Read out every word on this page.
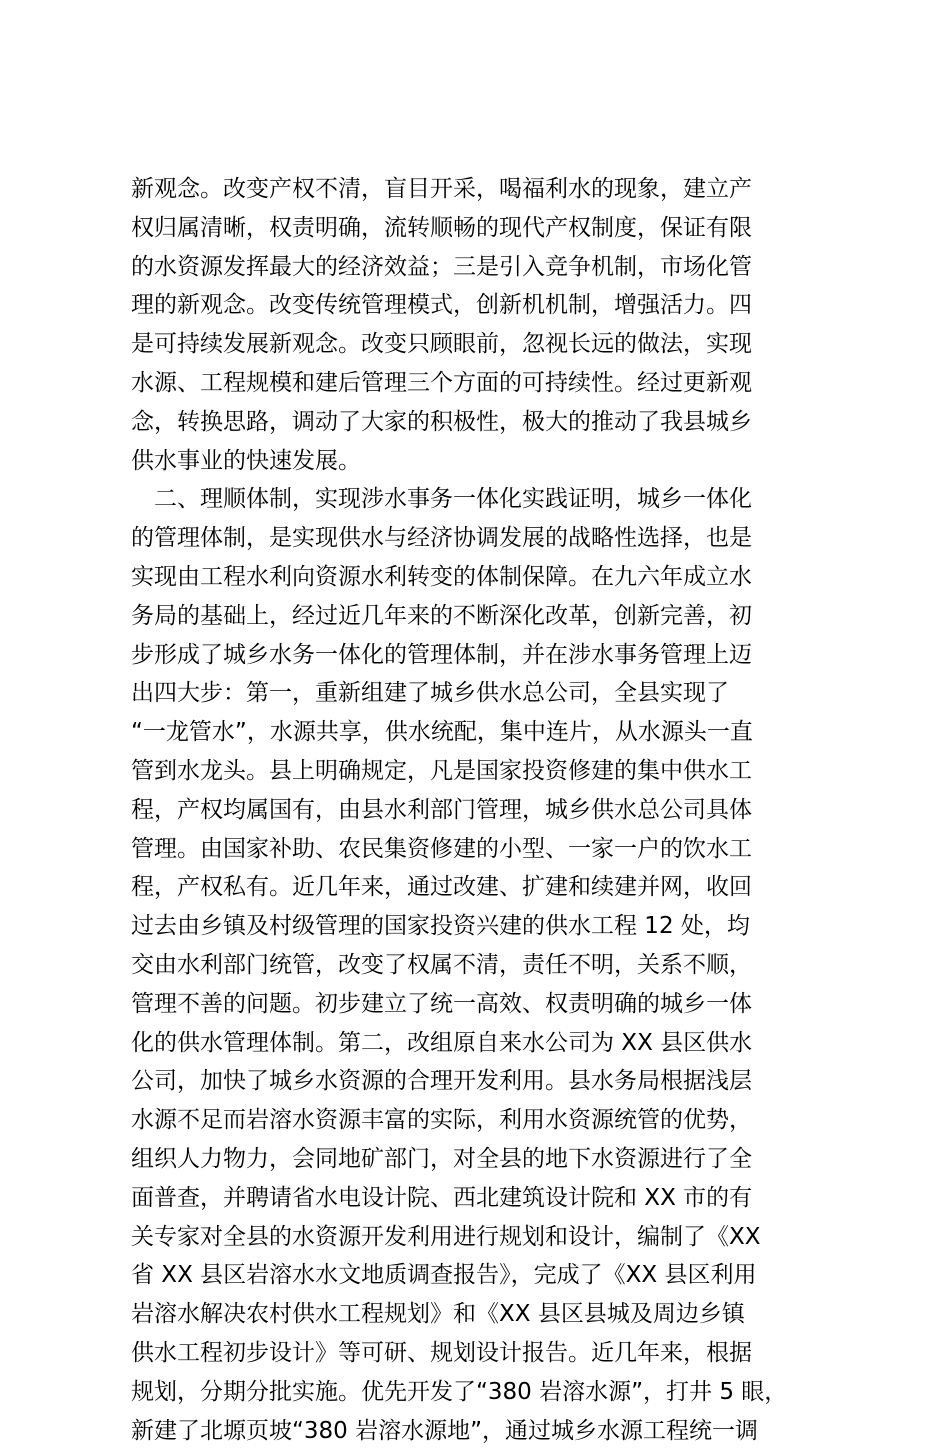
新观念。改变产权不清，盲目开采，喝福利水的现象，建立产
权归属清晰，权责明确，流转顺畅的现代产权制度，保证有限
的水资源发挥最大的经济效益；三是引入竞争机制，市场化管
理的新观念。改变传统管理模式，创新机机制，增强活力。四
是可持续发展新观念。改变只顾眼前，忽视长远的做法，实现
水源、工程规模和建后管理三个方面的可持续性。经过更新观
念，转换思路，调动了大家的积极性，极大的推动了我县城乡
供水事业的快速发展。
　二、理顺体制，实现涉水事务一体化实践证明，城乡一体化
的管理体制，是实现供水与经济协调发展的战略性选择，也是
实现由工程水利向资源水利转变的体制保障。在九六年成立水
务局的基础上，经过近几年来的不断深化改革，创新完善，初
步形成了城乡水务一体化的管理体制，并在涉水事务管理上迈
出四大步：第一，重新组建了城乡供水总公司，全县实现了
“一龙管水”，水源共享，供水统配，集中连片，从水源头一直
管到水龙头。县上明确规定，凡是国家投资修建的集中供水工
程，产权均属国有，由县水利部门管理，城乡供水总公司具体
管理。由国家补助、农民集资修建的小型、一家一户的饮水工
程，产权私有。近几年来，通过改建、扩建和续建并网，收回
过去由乡镇及村级管理的国家投资兴建的供水工程 12 处，均
交由水利部门统管，改变了权属不清，责任不明，关系不顺，
管理不善的问题。初步建立了统一高效、权责明确的城乡一体
化的供水管理体制。第二，改组原自来水公司为 XX 县区供水
公司，加快了城乡水资源的合理开发利用。县水务局根据浅层
水源不足而岩溶水资源丰富的实际，利用水资源统管的优势，
组织人力物力，会同地矿部门，对全县的地下水资源进行了全
面普查，并聘请省水电设计院、西北建筑设计院和 XX 市的有
关专家对全县的水资源开发利用进行规划和设计，编制了《XX
省 XX 县区岩溶水水文地质调查报告》，完成了《XX 县区利用
岩溶水解决农村供水工程规划》和《XX 县区县城及周边乡镇
供水工程初步设计》等可研、规划设计报告。近几年来，根据
规划，分期分批实施。优先开发了“380 岩溶水源”，打井 5 眼，
新建了北塬页坡“380 岩溶水源地”，通过城乡水源工程统一调
